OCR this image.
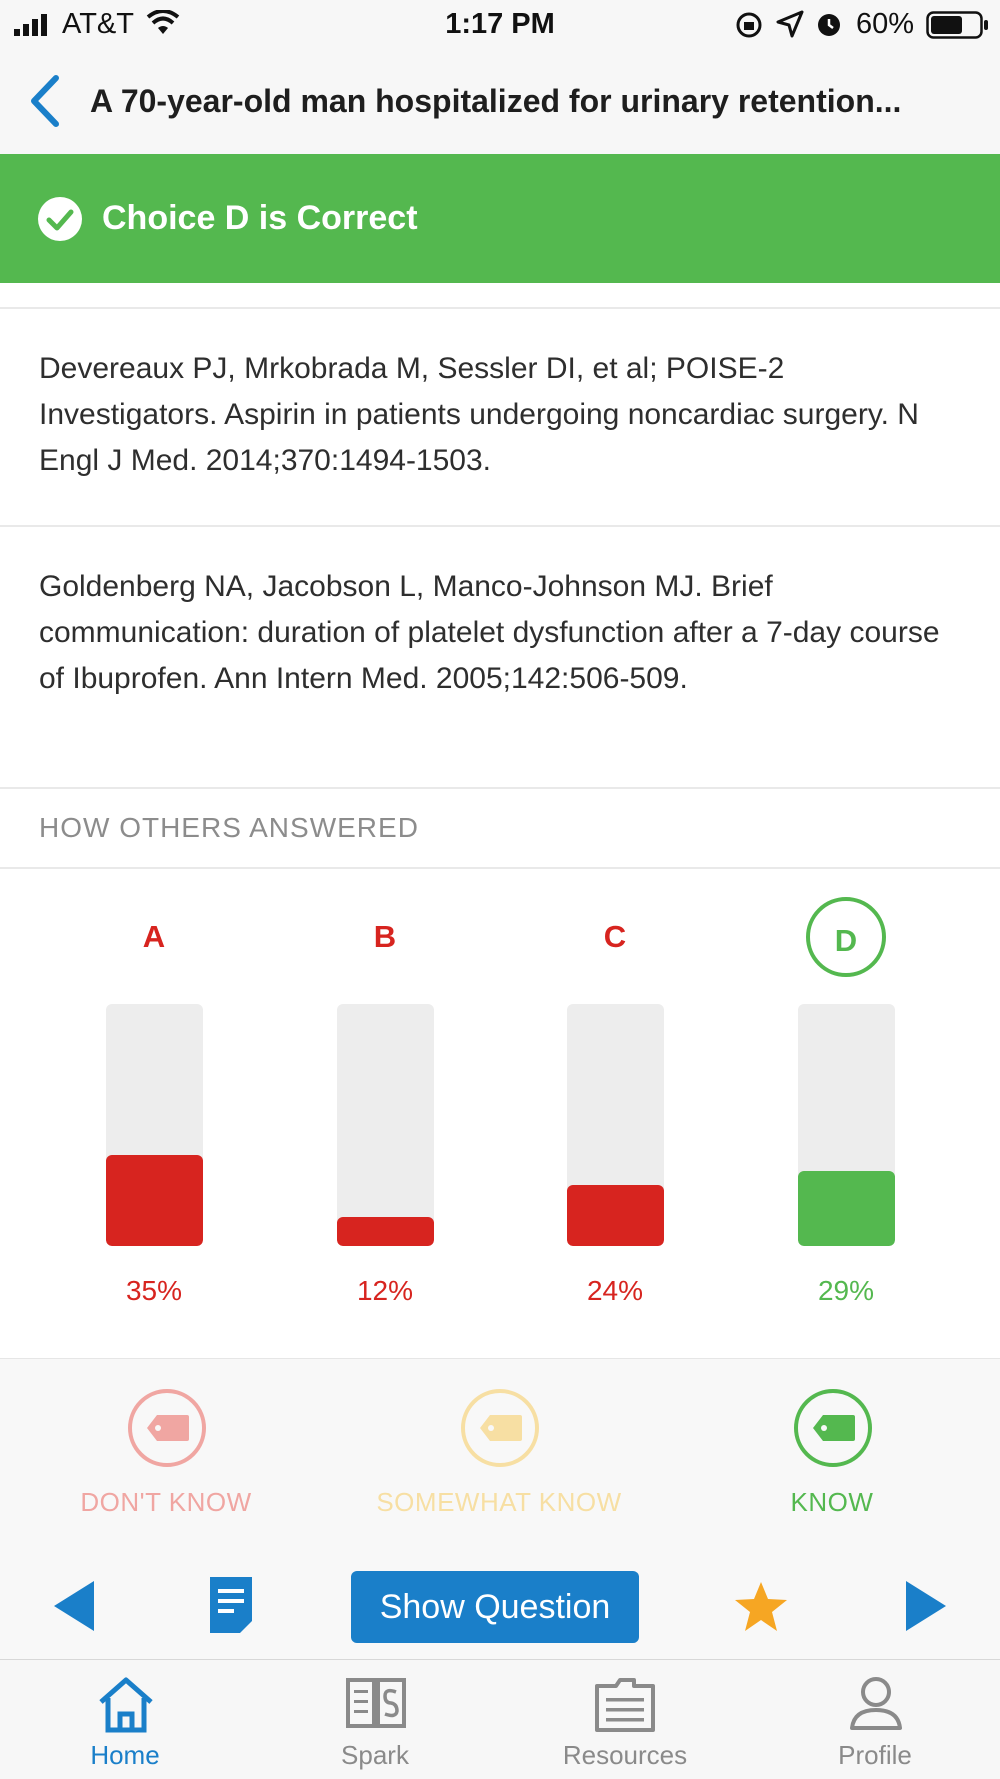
AT&T	1:17 PM	60%
A 70-year-old man hospitalized for urinary retention...
Choice D is Correct
Devereaux PJ, Mrkobrada M, Sessler DI, et al; POISE-2 Investigators. Aspirin in patients undergoing noncardiac surgery. N Engl J Med. 2014;370:1494-1503.
Goldenberg NA, Jacobson L, Manco-Johnson MJ. Brief communication: duration of platelet dysfunction after a 7-day course of Ibuprofen. Ann Intern Med. 2005;142:506-509.
HOW OTHERS ANSWERED
A
35%
B
12%
C
24%
D
29%
DON'T KNOW	SOMEWHAT KNOW	KNOW
Show Question
Home	Spark	Resources	Profile
